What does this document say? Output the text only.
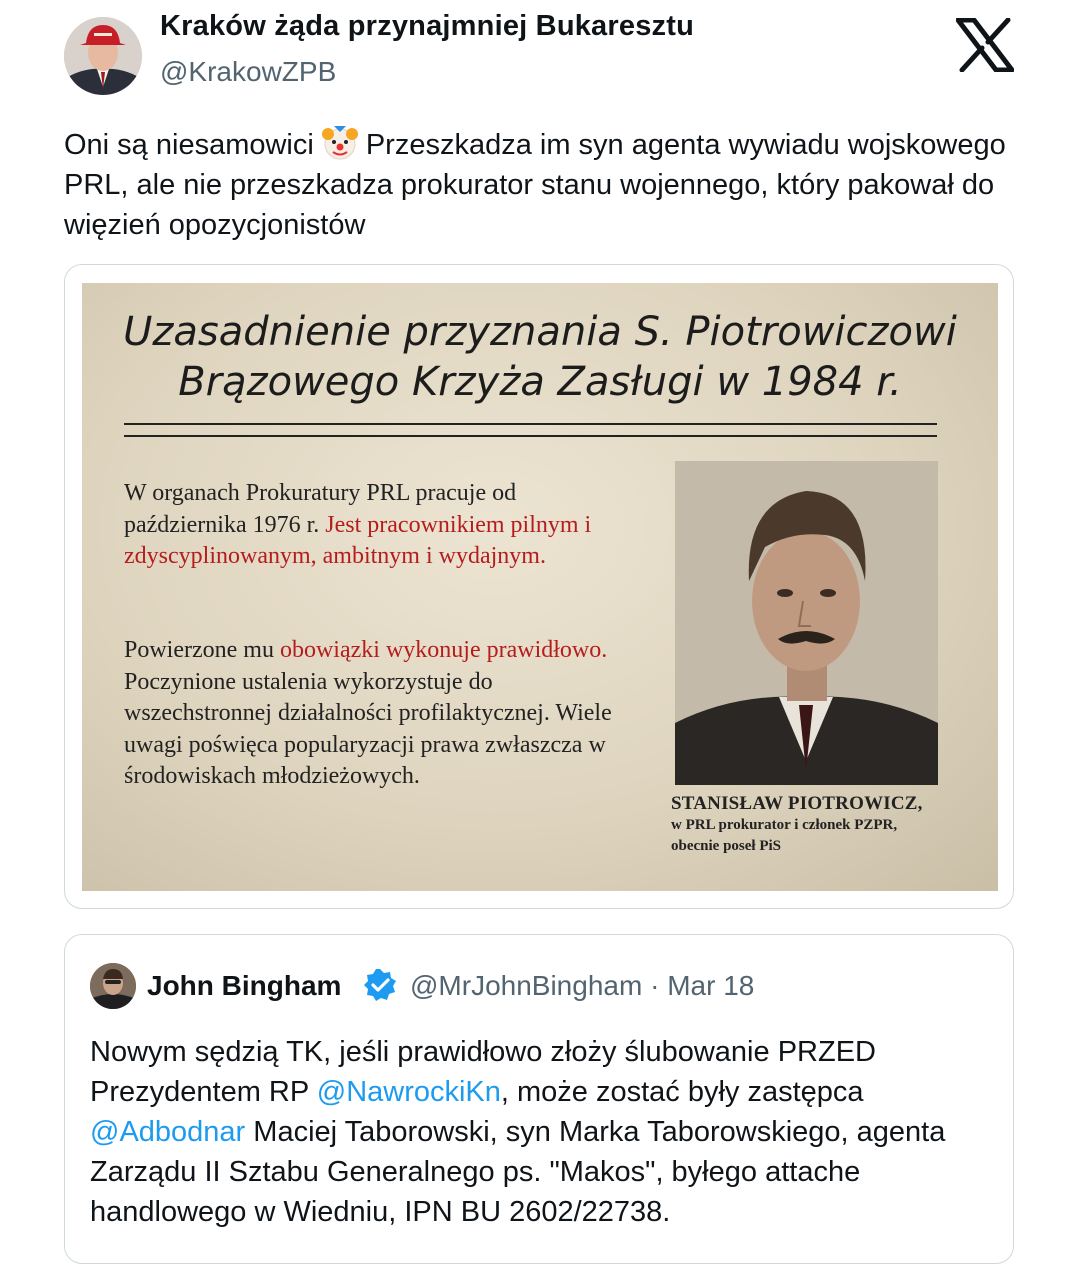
Kraków żąda przynajmniej Bukaresztu
@KrakowZPB
Oni są niesamowici Przeszkadza im syn agenta wywiadu wojskowego PRL, ale nie przeszkadza prokurator stanu wojennego, który pakował do więzień opozycjonistów
Uzasadnienie przyznania S. Piotrowiczowi
Brązowego Krzyża Zasługi w 1984 r.
W organach Prokuratury PRL pracuje od października 1976 r. Jest pracownikiem pilnym i zdyscyplinowanym, ambitnym i wydajnym.
Powierzone mu obowiązki wykonuje prawidłowo. Poczynione ustalenia wykorzystuje do wszechstronnej działalności profilaktycznej. Wiele uwagi poświęca popularyzacji prawa zwłaszcza w środowiskach młodzieżowych.
STANISŁAW PIOTROWICZ,
w PRL prokurator i członek PZPR,
obecnie poseł PiS
John Bingham @MrJohnBingham · Mar 18
Nowym sędzią TK, jeśli prawidłowo złoży ślubowanie PRZED Prezydentem RP @NawrockiKn, może zostać były zastępca @Adbodnar Maciej Taborowski, syn Marka Taborowskiego, agenta Zarządu II Sztabu Generalnego ps. "Makos", byłego attache handlowego w Wiedniu, IPN BU 2602/22738.
